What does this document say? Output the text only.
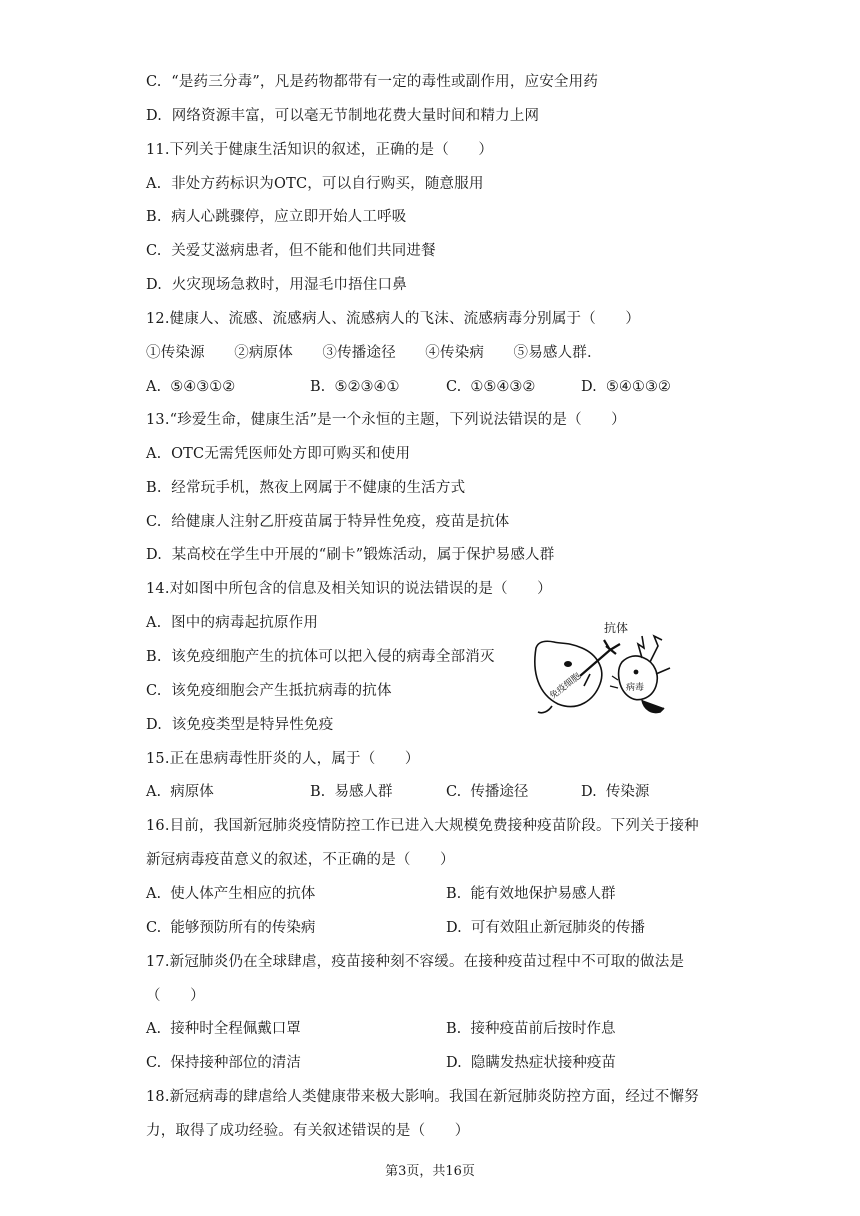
C.  “是药三分毒”，凡是药物都带有一定的毒性或副作用，应安全用药
D.  网络资源丰富，可以毫无节制地花费大量时间和精力上网
11.下列关于健康生活知识的叙述，正确的是（　　）
A.  非处方药标识为OTC，可以自行购买，随意服用
B.  病人心跳骤停，应立即开始人工呼吸
C.  关爱艾滋病患者，但不能和他们共同进餐
D.  火灾现场急救时，用湿毛巾捂住口鼻
12.健康人、流感、流感病人、流感病人的飞沫、流感病毒分别属于（　　）
①传染源　　②病原体　　③传播途径　　④传染病　　⑤易感人群.
A.  ⑤④③①②	B.  ⑤②③④①	C.  ①⑤④③②	D.  ⑤④①③②
13.“珍爱生命，健康生活”是一个永恒的主题，下列说法错误的是（　　）
A.  OTC无需凭医师处方即可购买和使用
B.  经常玩手机，熬夜上网属于不健康的生活方式
C.  给健康人注射乙肝疫苗属于特异性免疫，疫苗是抗体
D.  某高校在学生中开展的“刷卡”锻炼活动，属于保护易感人群
14.对如图中所包含的信息及相关知识的说法错误的是（　　）
A.  图中的病毒起抗原作用
B.  该免疫细胞产生的抗体可以把入侵的病毒全部消灭
C.  该免疫细胞会产生抵抗病毒的抗体
D.  该免疫类型是特异性免疫
抗体
免疫细胞	病毒
15.正在患病毒性肝炎的人，属于（　　）
A.  病原体	B.  易感人群	C.  传播途径	D.  传染源
16.目前，我国新冠肺炎疫情防控工作已进入大规模免费接种疫苗阶段。下列关于接种
新冠病毒疫苗意义的叙述，不正确的是（　　）
A.  使人体产生相应的抗体	B.  能有效地保护易感人群
C.  能够预防所有的传染病	D.  可有效阻止新冠肺炎的传播
17.新冠肺炎仍在全球肆虐，疫苗接种刻不容缓。在接种疫苗过程中不可取的做法是
（　　）
A.  接种时全程佩戴口罩	B.  接种疫苗前后按时作息
C.  保持接种部位的清洁	D.  隐瞒发热症状接种疫苗
18.新冠病毒的肆虐给人类健康带来极大影响。我国在新冠肺炎防控方面，经过不懈努
力，取得了成功经验。有关叙述错误的是（　　）
第3页，共16页
